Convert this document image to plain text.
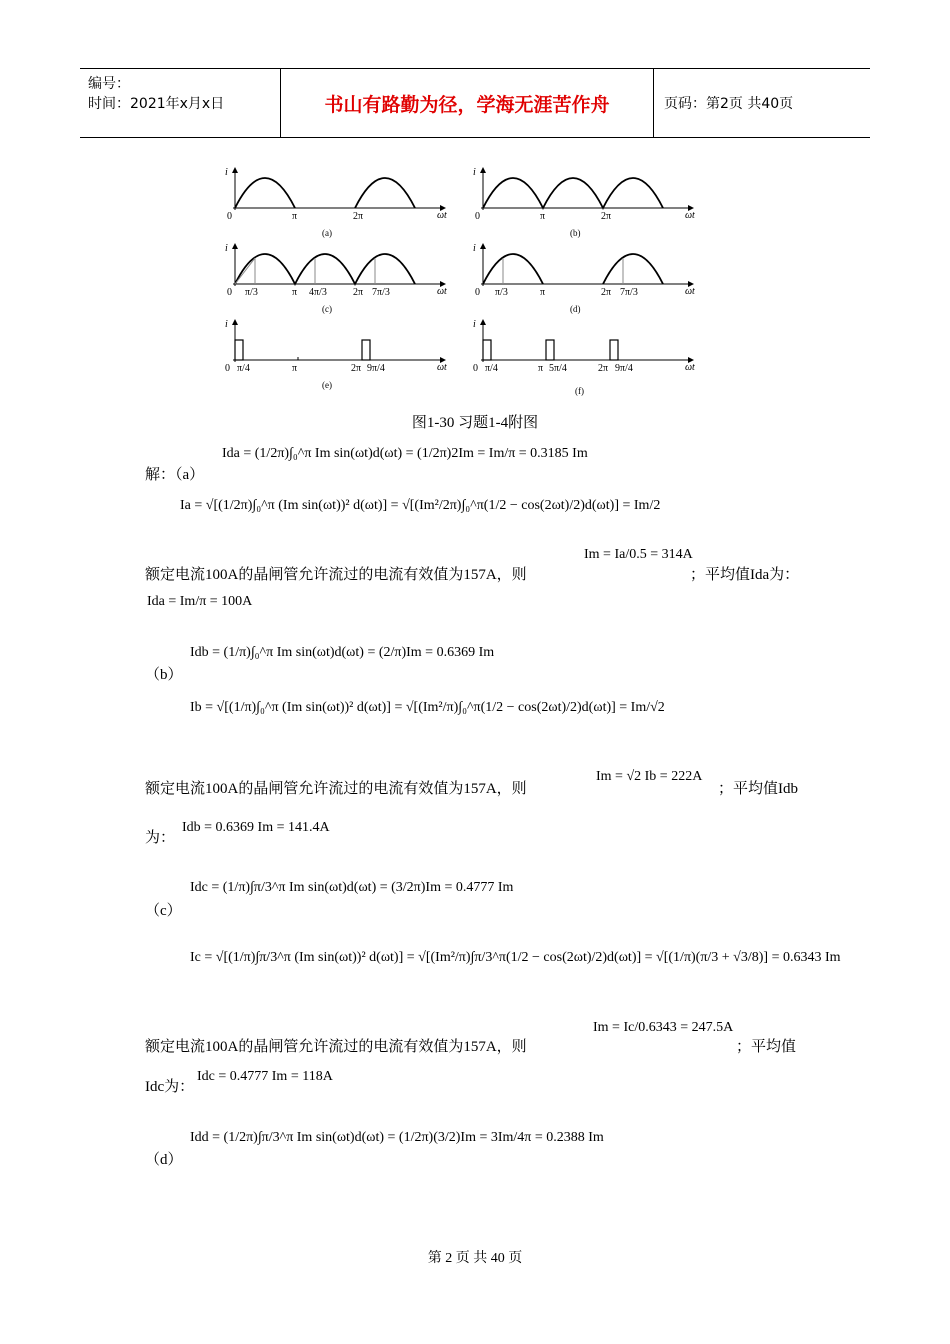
编号：
时间：2021年x月x日	书山有路勤为径，学海无涯苦作舟	页码：第2页 共40页
i
ωt
0	π	2π
(a)
i
ωt
0	π	2π
(b)
i
ωt
0 π/3	π 4π/3	2π 7π/3
(c)
i
ωt
0 π/3	π	2π 7π/3
(d)
i
ωt
0 π/4	π	2π 9π/4
(e)
i
ωt
0 π/4	π 5π/4	2π 9π/4
(f)
图1-30 习题1-4附图
解：（a）
Ida = (1/2π)∫₀^π Im sin(ωt)d(ωt) = (1/2π)2Im = Im/π = 0.3185 Im
Ia = √[(1/2π)∫₀^π (Im sin(ωt))² d(ωt)] = √[(Im²/2π)∫₀^π(1/2 − cos(2ωt)/2)d(ωt)] = Im/2
额定电流100A的晶闸管允许流过的电流有效值为157A，则
Im = Ia/0.5 = 314A
；平均值Ida为：
Ida = Im/π = 100A
（b）
Idb = (1/π)∫₀^π Im sin(ωt)d(ωt) = (2/π)Im = 0.6369 Im
Ib = √[(1/π)∫₀^π (Im sin(ωt))² d(ωt)] = √[(Im²/π)∫₀^π(1/2 − cos(2ωt)/2)d(ωt)] = Im/√2
额定电流100A的晶闸管允许流过的电流有效值为157A，则
Im = √2 Ib = 222A
；平均值Idb
为：
Idb = 0.6369 Im = 141.4A
（c）
Idc = (1/π)∫π/3^π Im sin(ωt)d(ωt) = (3/2π)Im = 0.4777 Im
Ic = √[(1/π)∫π/3^π (Im sin(ωt))² d(ωt)] = √[(Im²/π)∫π/3^π(1/2 − cos(2ωt)/2)d(ωt)] = √[(1/π)(π/3 + √3/8)] = 0.6343 Im
额定电流100A的晶闸管允许流过的电流有效值为157A，则
Im = Ic/0.6343 = 247.5A
；平均值
Idc为：
Idc = 0.4777 Im = 118A
（d）
Idd = (1/2π)∫π/3^π Im sin(ωt)d(ωt) = (1/2π)(3/2)Im = 3Im/4π = 0.2388 Im
第 2 页 共 40 页
